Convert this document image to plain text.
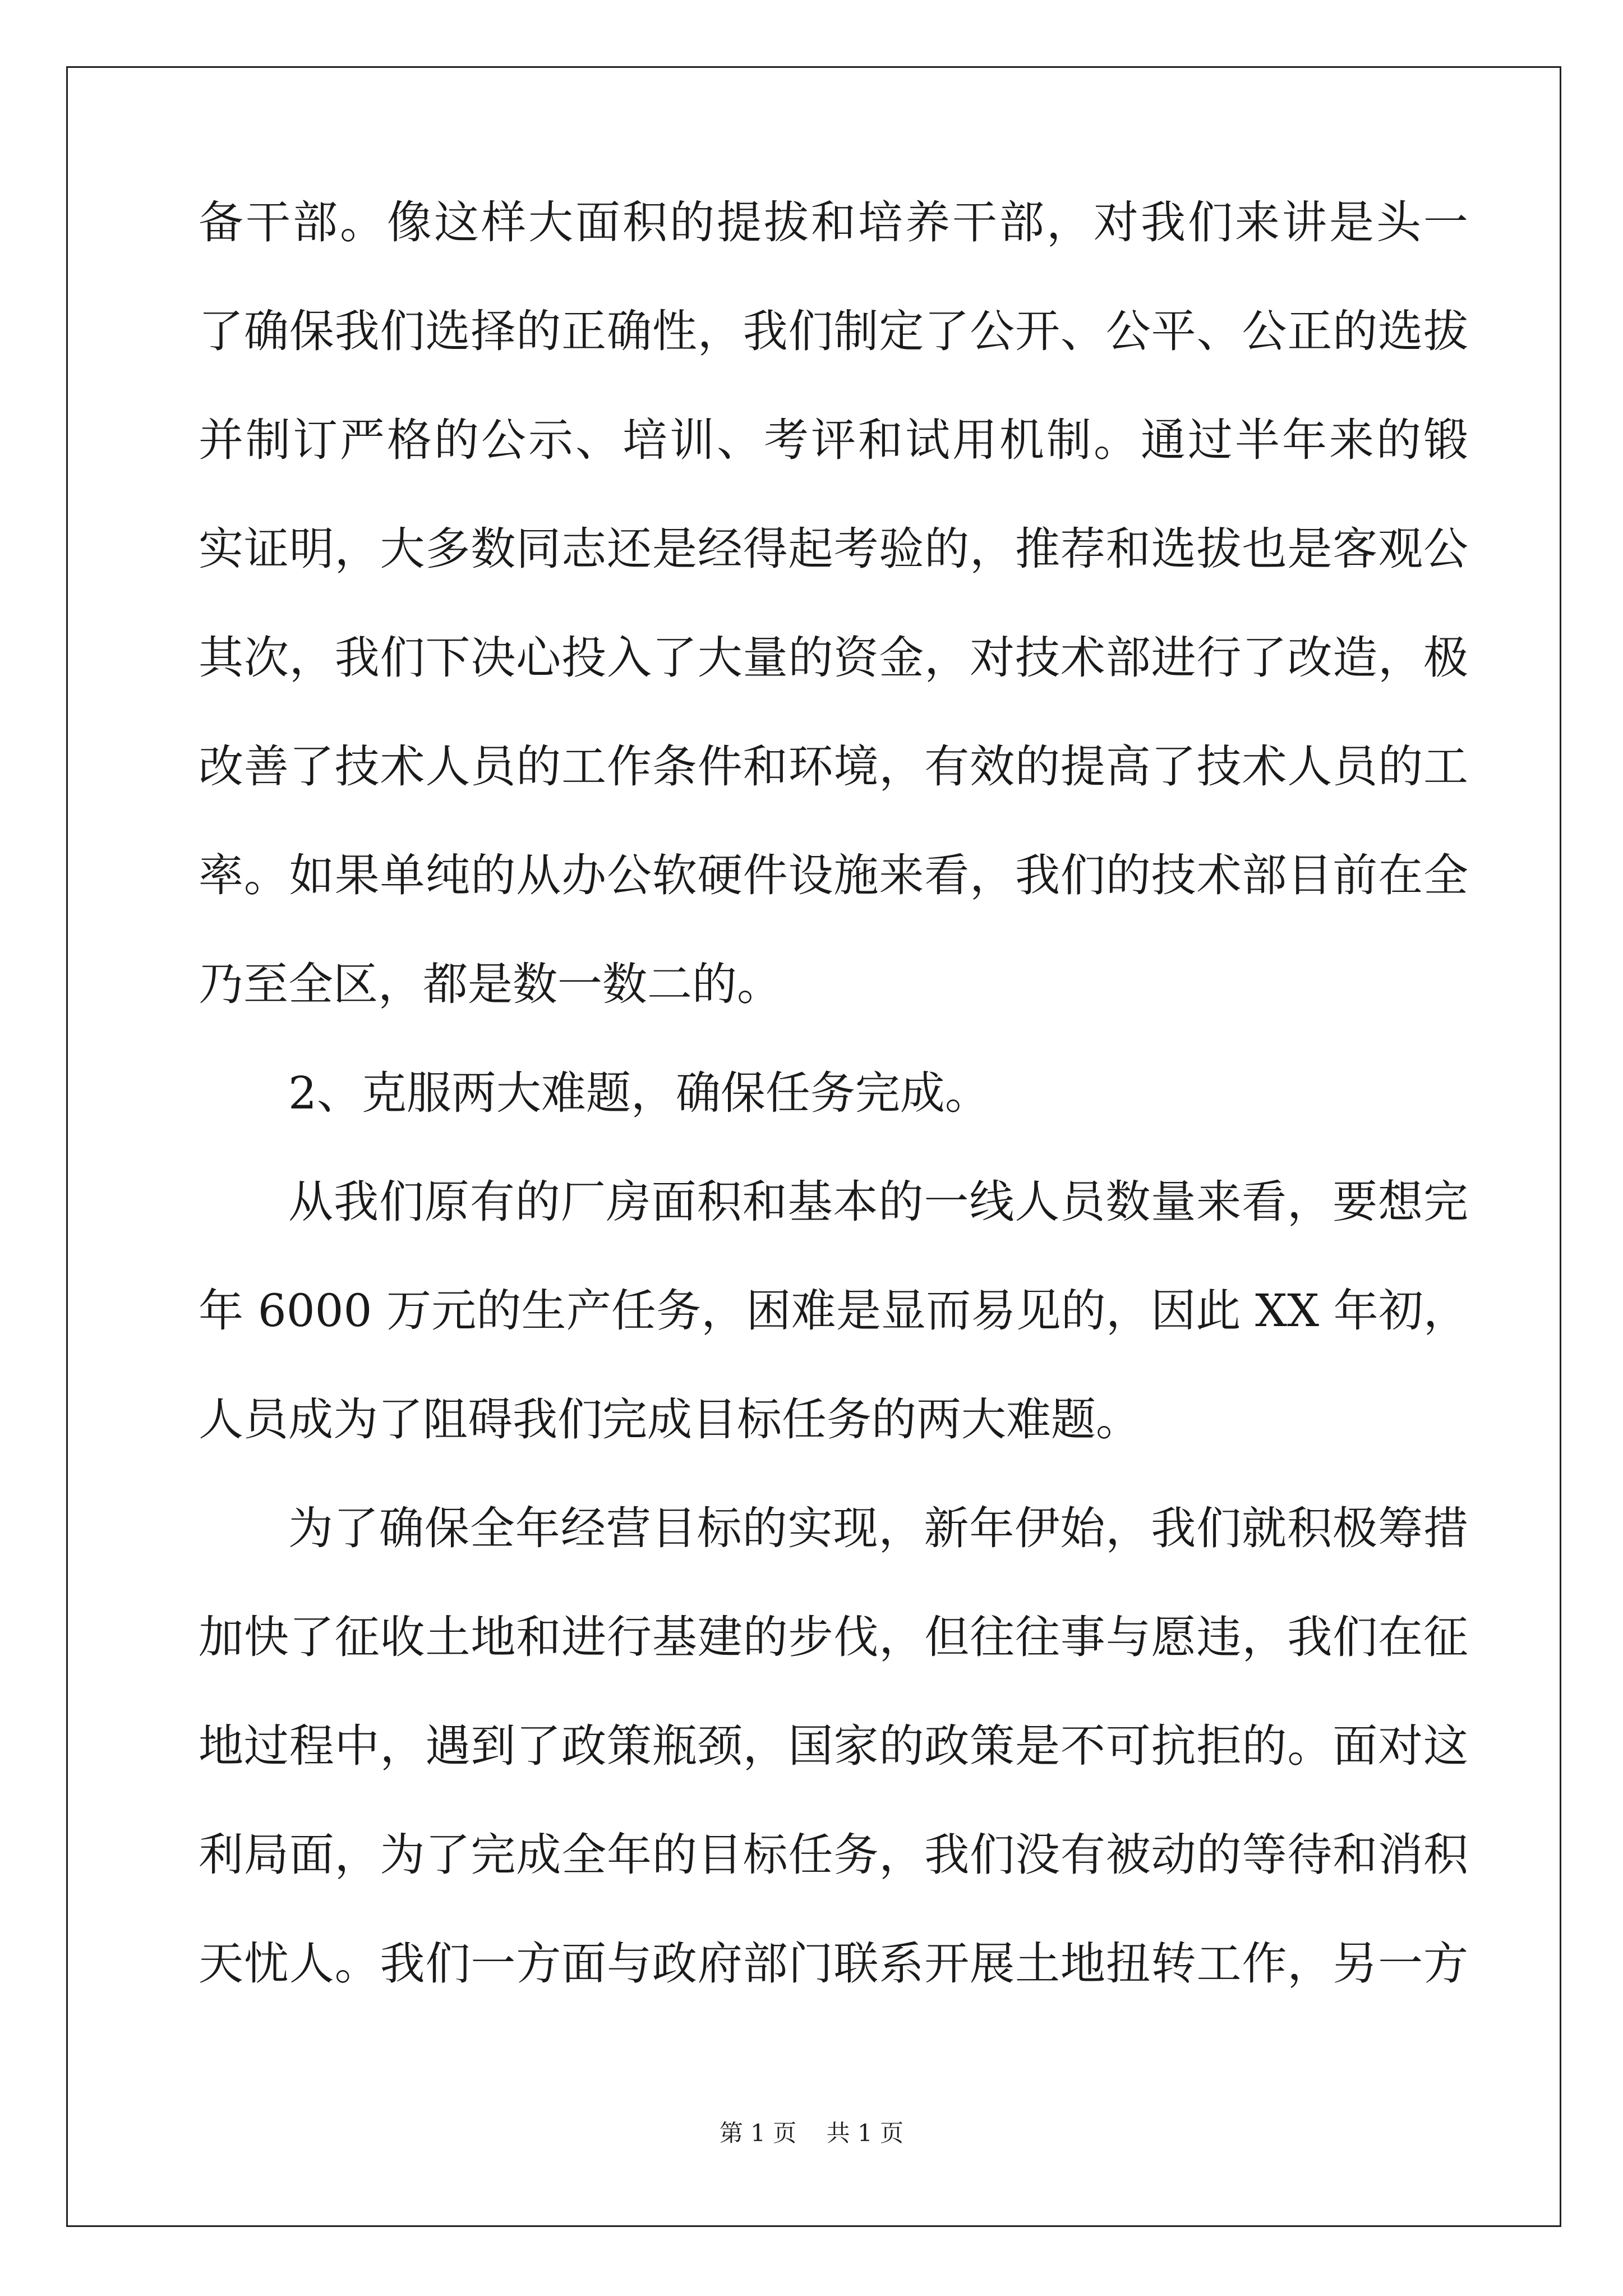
备干部。像这样大面积的提拔和培养干部，对我们来讲是头一
了确保我们选择的正确性，我们制定了公开、公平、公正的选拔
并制订严格的公示、培训、考评和试用机制。通过半年来的锻
实证明，大多数同志还是经得起考验的，推荐和选拔也是客观公
其次，我们下决心投入了大量的资金，对技术部进行了改造，极
改善了技术人员的工作条件和环境，有效的提高了技术人员的工
率。如果单纯的从办公软硬件设施来看，我们的技术部目前在全
乃至全区，都是数一数二的。
2、克服两大难题，确保任务完成。
从我们原有的厂房面积和基本的一线人员数量来看，要想完
年 6000 万元的生产任务，困难是显而易见的，因此 XX 年初，
人员成为了阻碍我们完成目标任务的两大难题。
为了确保全年经营目标的实现，新年伊始，我们就积极筹措
加快了征收土地和进行基建的步伐，但往往事与愿违，我们在征
地过程中，遇到了政策瓶颈，国家的政策是不可抗拒的。面对这
利局面，为了完成全年的目标任务，我们没有被动的等待和消积
天忧人。我们一方面与政府部门联系开展土地扭转工作，另一方
第 1 页 共 1 页
